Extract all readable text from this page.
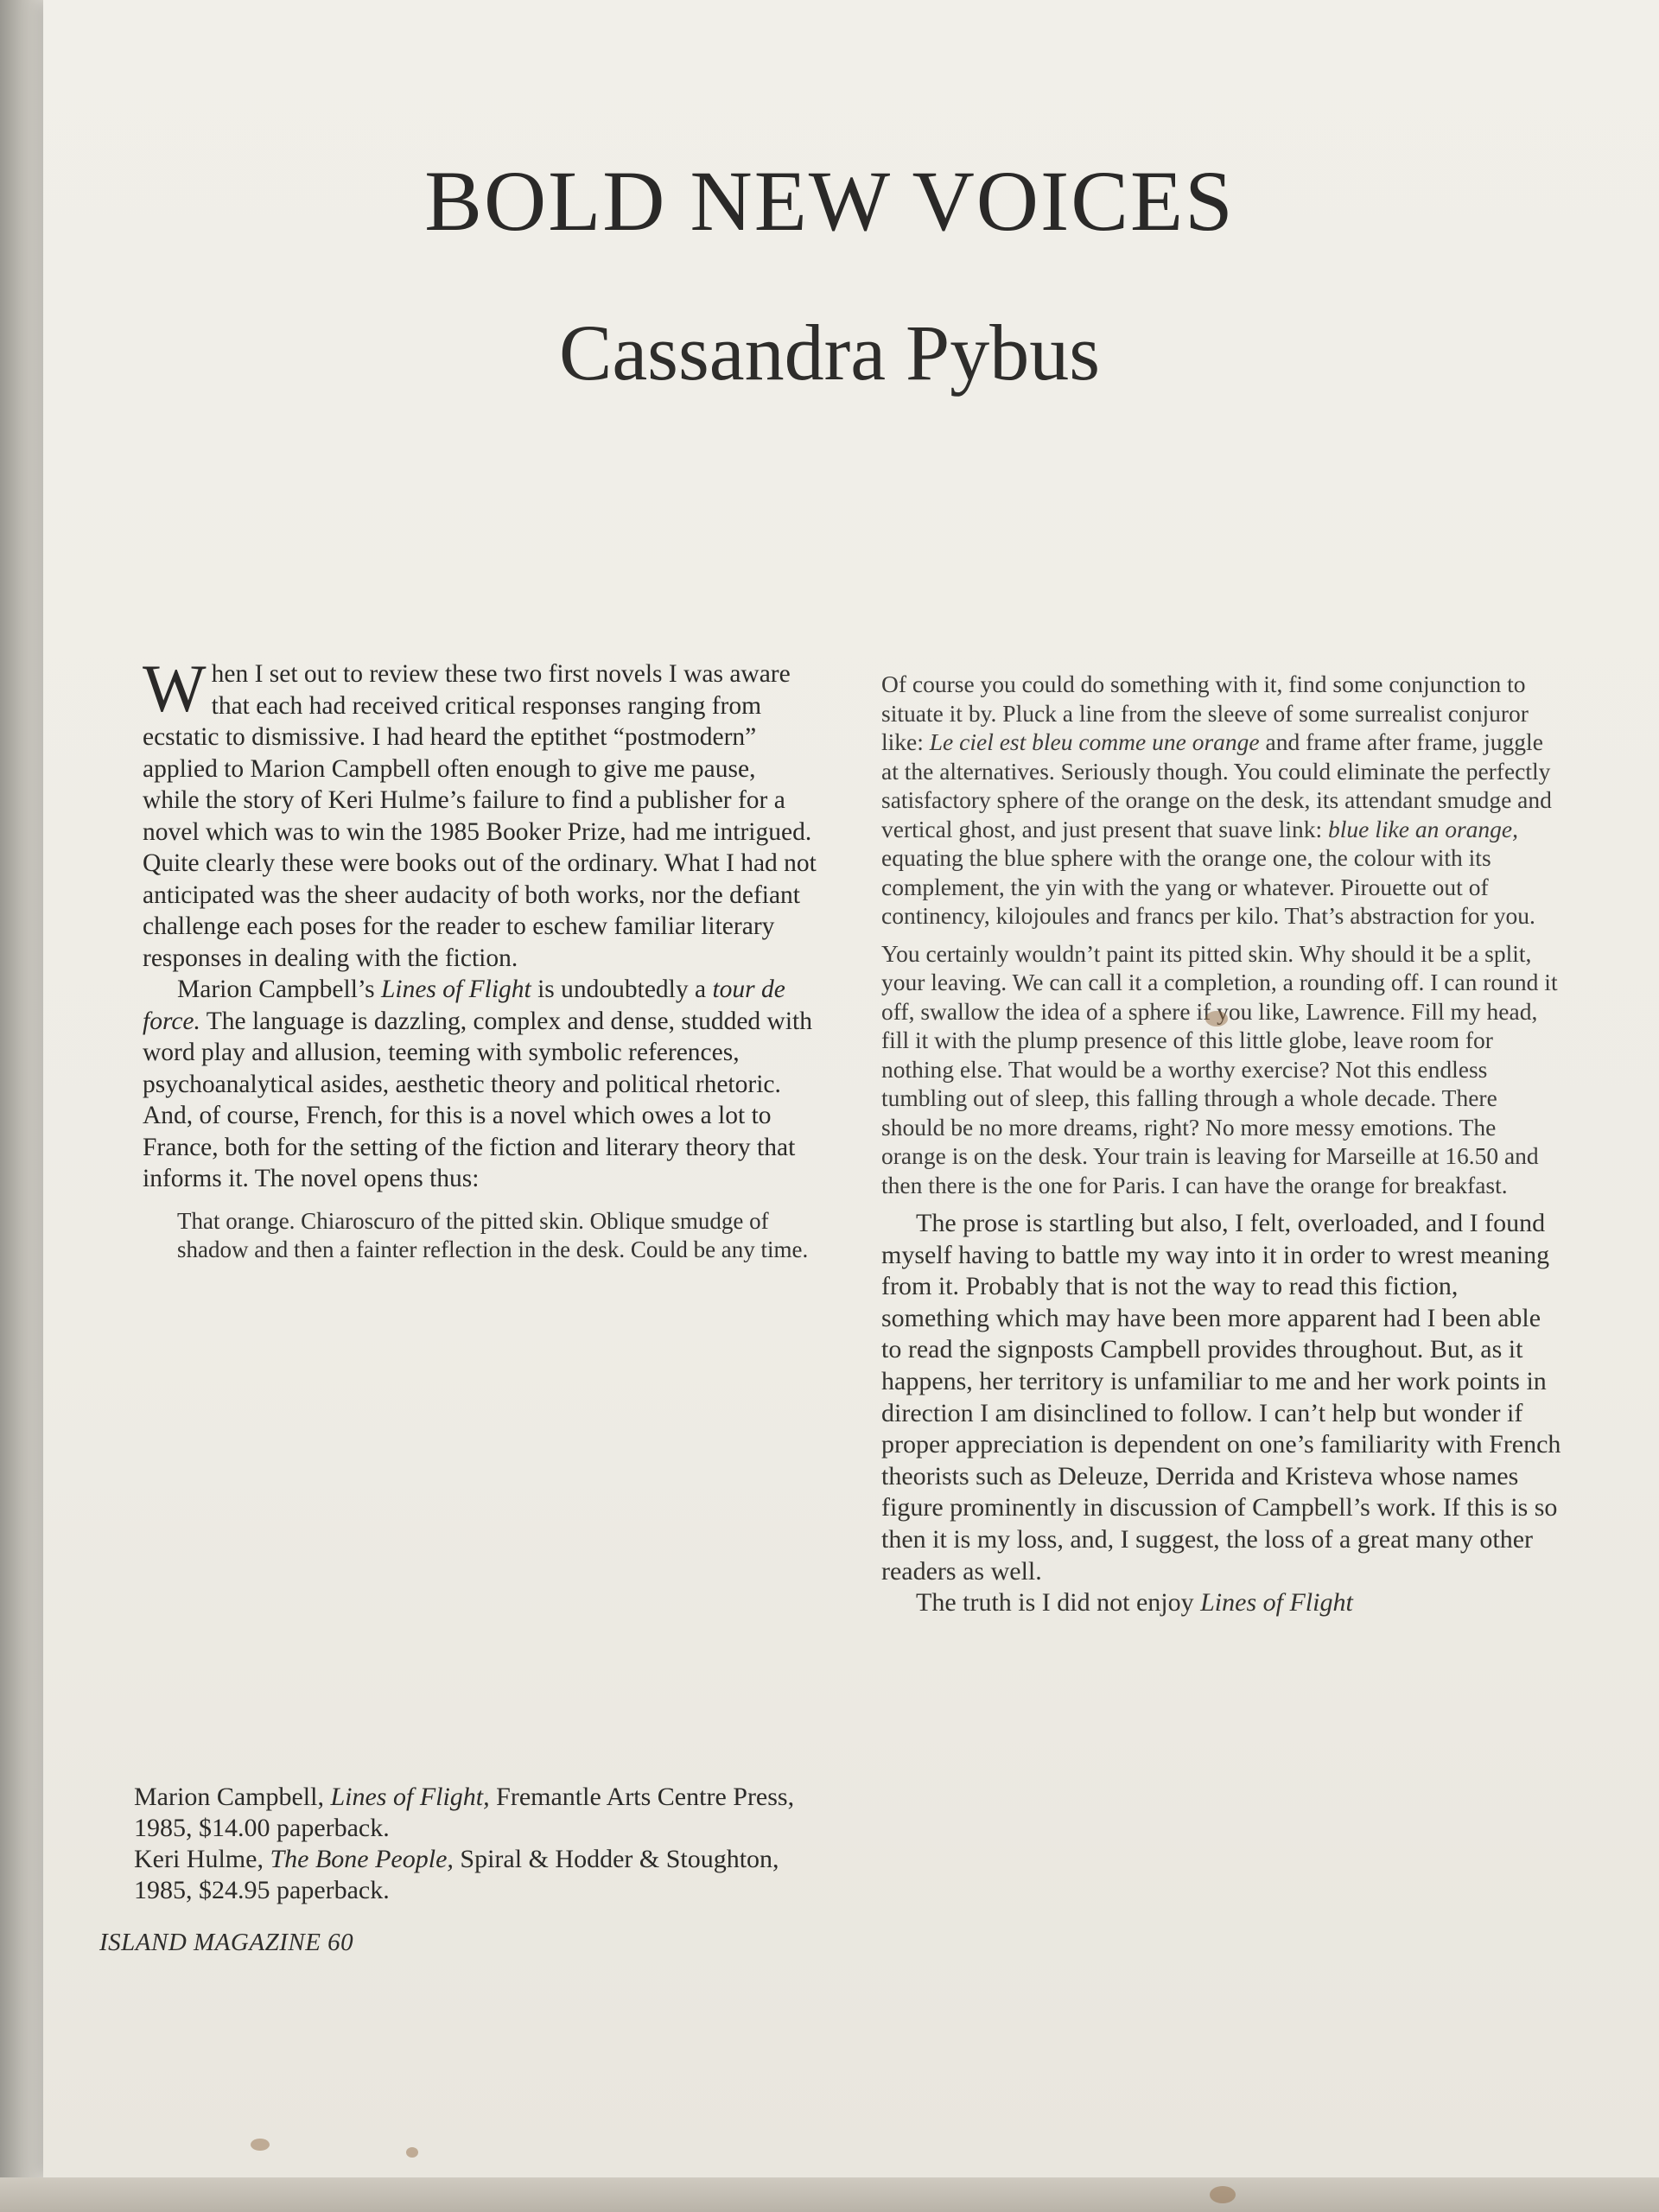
BOLD NEW VOICES
Cassandra Pybus

When I set out to review these two first novels I was aware that each had received critical responses ranging from ecstatic to dismissive. I had heard the eptithet “postmodern” applied to Marion Campbell often enough to give me pause, while the story of Keri Hulme’s failure to find a publisher for a novel which was to win the 1985 Booker Prize, had me intrigued. Quite clearly these were books out of the ordinary. What I had not anticipated was the sheer audacity of both works, nor the defiant challenge each poses for the reader to eschew familiar literary responses in dealing with the fiction.

Marion Campbell’s Lines of Flight is undoubtedly a tour de force. The language is dazzling, complex and dense, studded with word play and allusion, teeming with symbolic references, psychoanalytical asides, aesthetic theory and political rhetoric. And, of course, French, for this is a novel which owes a lot to France, both for the setting of the fiction and literary theory that informs it. The novel opens thus:

That orange. Chiaroscuro of the pitted skin. Oblique smudge of shadow and then a fainter reflection in the desk. Could be any time.

Of course you could do something with it, find some conjunction to situate it by. Pluck a line from the sleeve of some surrealist conjuror like: Le ciel est bleu comme une orange and frame after frame, juggle at the alternatives. Seriously though. You could eliminate the perfectly satisfactory sphere of the orange on the desk, its attendant smudge and vertical ghost, and just present that suave link: blue like an orange, equating the blue sphere with the orange one, the colour with its complement, the yin with the yang or whatever. Pirouette out of continency, kilojoules and francs per kilo. That’s abstraction for you.

You certainly wouldn’t paint its pitted skin. Why should it be a split, your leaving. We can call it a completion, a rounding off. I can round it off, swallow the idea of a sphere if you like, Lawrence. Fill my head, fill it with the plump presence of this little globe, leave room for nothing else. That would be a worthy exercise? Not this endless tumbling out of sleep, this falling through a whole decade. There should be no more dreams, right? No more messy emotions. The orange is on the desk. Your train is leaving for Marseille at 16.50 and then there is the one for Paris. I can have the orange for breakfast.

The prose is startling but also, I felt, overloaded, and I found myself having to battle my way into it in order to wrest meaning from it. Probably that is not the way to read this fiction, something which may have been more apparent had I been able to read the signposts Campbell provides throughout. But, as it happens, her territory is unfamiliar to me and her work points in direction I am disinclined to follow. I can’t help but wonder if proper appreciation is dependent on one’s familiarity with French theorists such as Deleuze, Derrida and Kristeva whose names figure prominently in discussion of Campbell’s work. If this is so then it is my loss, and, I suggest, the loss of a great many other readers as well.

The truth is I did not enjoy Lines of Flight

Marion Campbell, Lines of Flight, Fremantle Arts Centre Press, 1985, $14.00 paperback.

Keri Hulme, The Bone People, Spiral & Hodder & Stoughton, 1985, $24.95 paperback.

ISLAND MAGAZINE 60
